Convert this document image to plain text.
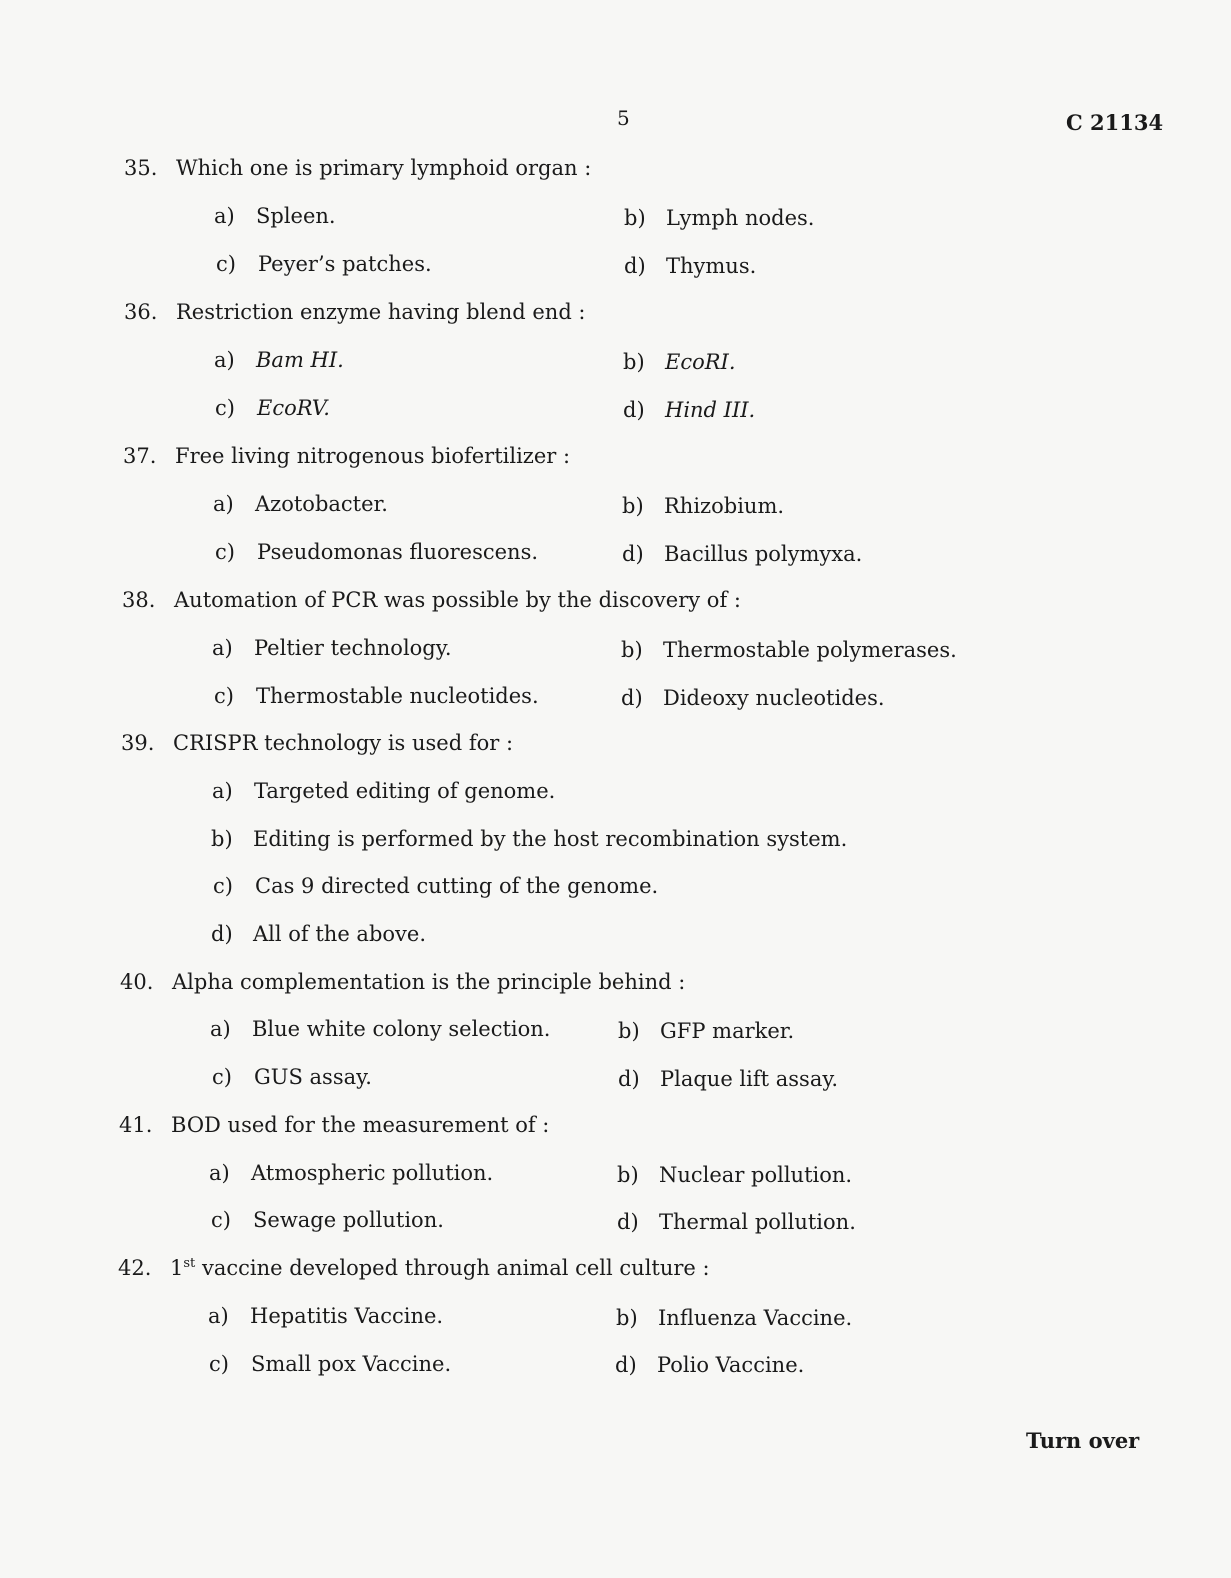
5	C 21134
35. Which one is primary lymphoid organ :
a) Spleen.	b) Lymph nodes.
c) Peyer’s patches.	d) Thymus.
36. Restriction enzyme having blend end :
a) Bam HI.	b) EcoRI.
c) EcoRV.	d) Hind III.
37. Free living nitrogenous biofertilizer :
a) Azotobacter.	b) Rhizobium.
c) Pseudomonas fluorescens.	d) Bacillus polymyxa.
38. Automation of PCR was possible by the discovery of :
a) Peltier technology.	b) Thermostable polymerases.
c) Thermostable nucleotides.	d) Dideoxy nucleotides.
39. CRISPR technology is used for :
a) Targeted editing of genome.
b) Editing is performed by the host recombination system.
c) Cas 9 directed cutting of the genome.
d) All of the above.
40. Alpha complementation is the principle behind :
a) Blue white colony selection.	b) GFP marker.
c) GUS assay.	d) Plaque lift assay.
41. BOD used for the measurement of :
a) Atmospheric pollution.	b) Nuclear pollution.
c) Sewage pollution.	d) Thermal pollution.
42. 1st vaccine developed through animal cell culture :
a) Hepatitis Vaccine.	b) Influenza Vaccine.
c) Small pox Vaccine.	d) Polio Vaccine.
Turn over
